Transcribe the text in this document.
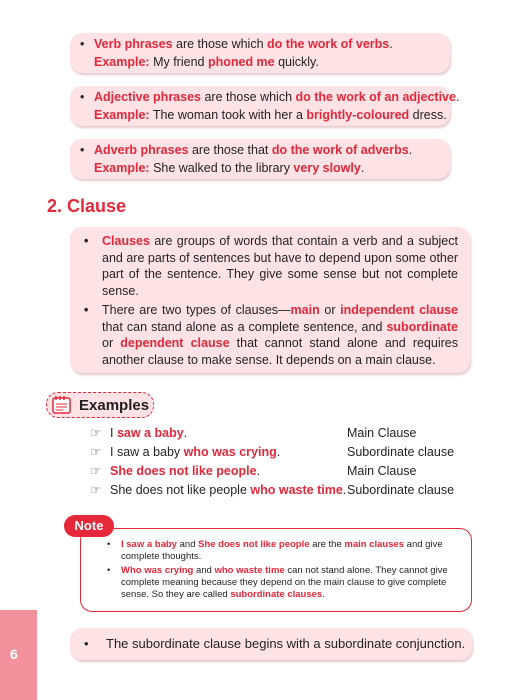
• Verb phrases are those which do the work of verbs.
Example: My friend phoned me quickly.
• Adjective phrases are those which do the work of an adjective.
Example: The woman took with her a brightly-coloured dress.
• Adverb phrases are those that do the work of adverbs.
Example: She walked to the library very slowly.
2. Clause

• Clauses are groups of words that contain a verb and a subject and are parts of sentences but have to depend upon some other part of the sentence. They give some sense but not complete sense.

• There are two types of clauses—main or independent clause that can stand alone as a complete sentence, and subordinate or dependent clause that cannot stand alone and requires another clause to make sense. It depends on a main clause.

Examples
☞ I saw a baby.	Main Clause
☞ I saw a baby who was crying.	Subordinate clause
☞ She does not like people.	Main Clause
☞ She does not like people who waste time. Subordinate clause

• I saw a baby and She does not like people are the main clauses and give complete thoughts.

• Who was crying and who waste time can not stand alone. They cannot give complete meaning because they depend on the main clause to give complete sense. So they are called subordinate clauses.

Note
• The subordinate clause begins with a subordinate conjunction.
6
